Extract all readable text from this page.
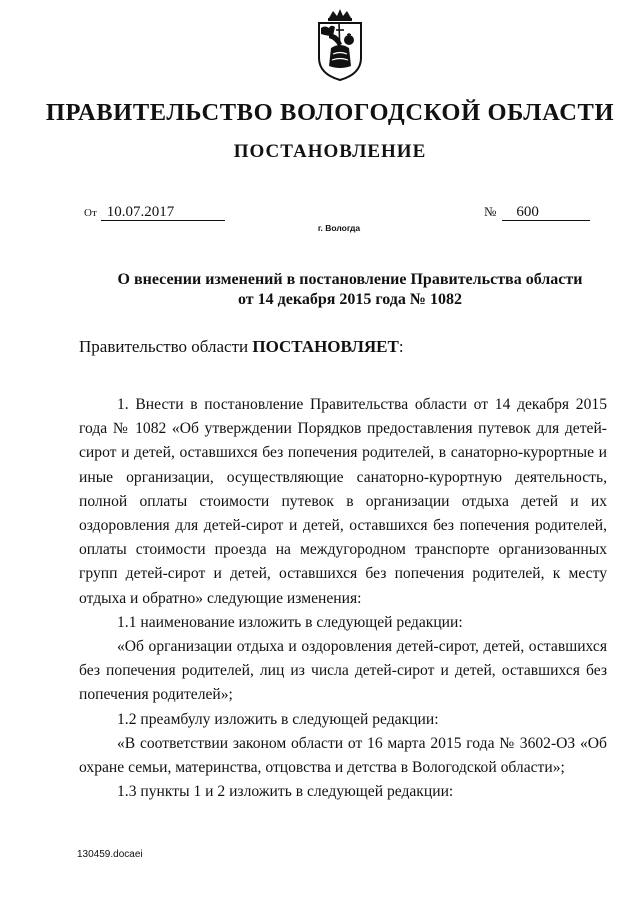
ПРАВИТЕЛЬСТВО ВОЛОГОДСКОЙ ОБЛАСТИ
ПОСТАНОВЛЕНИЕ
От 10.07.2017	№ 600
г. Вологда
О внесении изменений в постановление Правительства области
от 14 декабря 2015 года № 1082
Правительство области ПОСТАНОВЛЯЕТ:

1. Внести в постановление Правительства области от 14 декабря 2015 года № 1082 «Об утверждении Порядков предоставления путевок для детей-сирот и детей, оставшихся без попечения родителей, в санаторно-курортные и иные организации, осуществляющие санаторно-курортную деятельность, полной оплаты стоимости путевок в организации отдыха детей и их оздоровления для детей-сирот и детей, оставшихся без попечения родителей, оплаты стоимости проезда на междугородном транспорте организованных групп детей-сирот и детей, оставшихся без попечения родителей, к месту отдыха и обратно» следующие изменения:

1.1 наименование изложить в следующей редакции:

«Об организации отдыха и оздоровления детей-сирот, детей, оставшихся без попечения родителей, лиц из числа детей-сирот и детей, оставшихся без попечения родителей»;

1.2 преамбулу изложить в следующей редакции:

«В соответствии законом области от 16 марта 2015 года № 3602-ОЗ «Об охране семьи, материнства, отцовства и детства в Вологодской области»;

1.3 пункты 1 и 2 изложить в следующей редакции:

130459.docaei
